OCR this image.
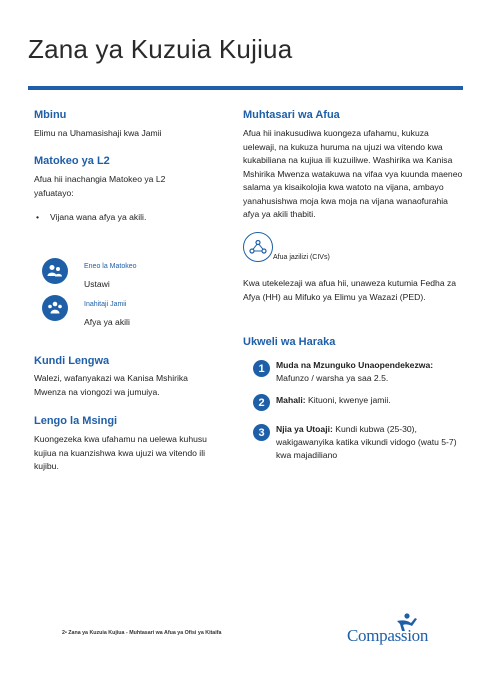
Zana ya Kuzuia Kujiua
Mbinu

Elimu na Uhamasishaji kwa Jamii

Matokeo ya L2

Afua hii inachangia Matokeo ya L2 yafuatayo:

• Vijana wana afya ya akili.
Eneo la Matokeo

Ustawi

Inahitaji Jamii

Afya ya akili

Kundi Lengwa

Walezi, wafanyakazi wa Kanisa Mshirika Mwenza na viongozi wa jumuiya.

Lengo la Msingi

Kuongezeka kwa ufahamu na uelewa kuhusu kujiua na kuanzishwa kwa ujuzi wa vitendo ili kujibu.

Muhtasari wa Afua

Afua hii inakusudiwa kuongeza ufahamu, kukuza uelewaji, na kukuza huruma na ujuzi wa vitendo kwa kukabiliana na kujiua ili kuzuiliwe. Washirika wa Kanisa Mshirika Mwenza watakuwa na vifaa vya kuunda maeneo salama ya kisaikolojia kwa watoto na vijana, ambayo yanahusishwa moja kwa moja na vijana wanaofurahia afya ya akili thabiti.

Afua jazilizi (CIVs)

Kwa utekelezaji wa afua hii, unaweza kutumia Fedha za Afya (HH) au Mifuko ya Elimu ya Wazazi (PED).

Ukweli wa Haraka
1	Muda na Mzunguko Unaopendekezwa:
Mafunzo / warsha ya saa 2.5.
2	Mahali: Kituoni, kwenye jamii.
3	Njia ya Utoaji: Kundi kubwa (25-30), wakigawanyika katika vikundi vidogo (watu 5-7) kwa majadiliano
2• Zana ya Kuzuia Kujiua - Muhtasari wa Afua ya Ofisi ya Kitaifa	Compassion
